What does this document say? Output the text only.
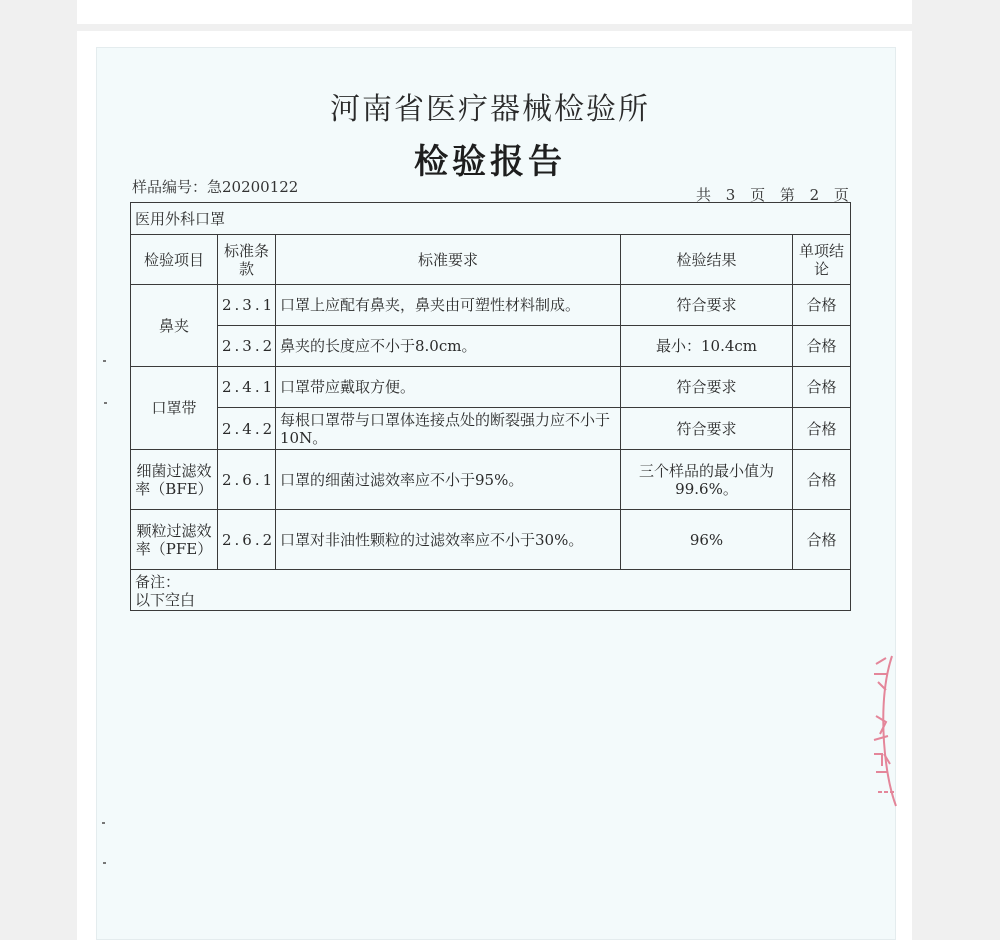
河南省医疗器械检验所
检验报告
样品编号：急20200122	共 3 页 第 2 页
医用外科口罩				
检验项目	标准条款	标准要求	检验结果	单项结论
鼻夹	2.3.1	口罩上应配有鼻夹，鼻夹由可塑性材料制成。	符合要求	合格
	2.3.2	鼻夹的长度应不小于8.0cm。	最小：10.4cm	合格
口罩带	2.4.1	口罩带应戴取方便。	符合要求	合格
	2.4.2	每根口罩带与口罩体连接点处的断裂强力应不小于10N。	符合要求	合格
细菌过滤效率（BFE）	2.6.1	口罩的细菌过滤效率应不小于95%。	三个样品的最小值为99.6%。	合格
颗粒过滤效率（PFE）	2.6.2	口罩对非油性颗粒的过滤效率应不小于30%。	96%	合格

备注：
以下空白				
